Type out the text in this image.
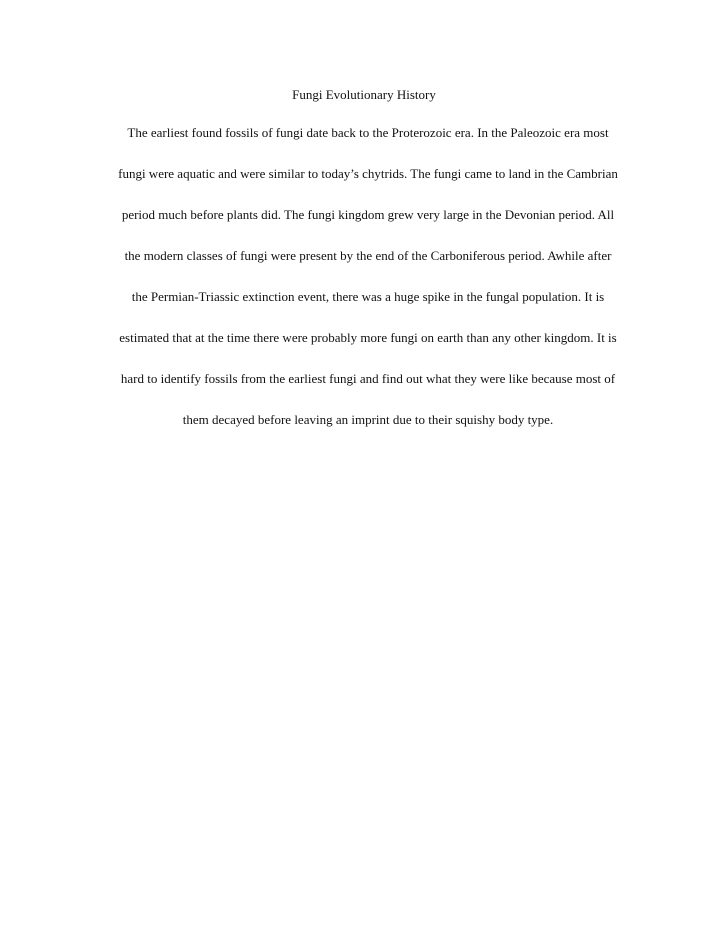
Fungi Evolutionary History
The earliest found fossils of fungi date back to the Proterozoic era. In the Paleozoic era most
fungi were aquatic and were similar to today’s chytrids. The fungi came to land in the Cambrian
period much before plants did. The fungi kingdom grew very large in the Devonian period. All
the modern classes of fungi were present by the end of the Carboniferous period. Awhile after
the Permian-Triassic extinction event, there was a huge spike in the fungal population. It is
estimated that at the time there were probably more fungi on earth than any other kingdom. It is
hard to identify fossils from the earliest fungi and find out what they were like because most of
them decayed before leaving an imprint due to their squishy body type.
